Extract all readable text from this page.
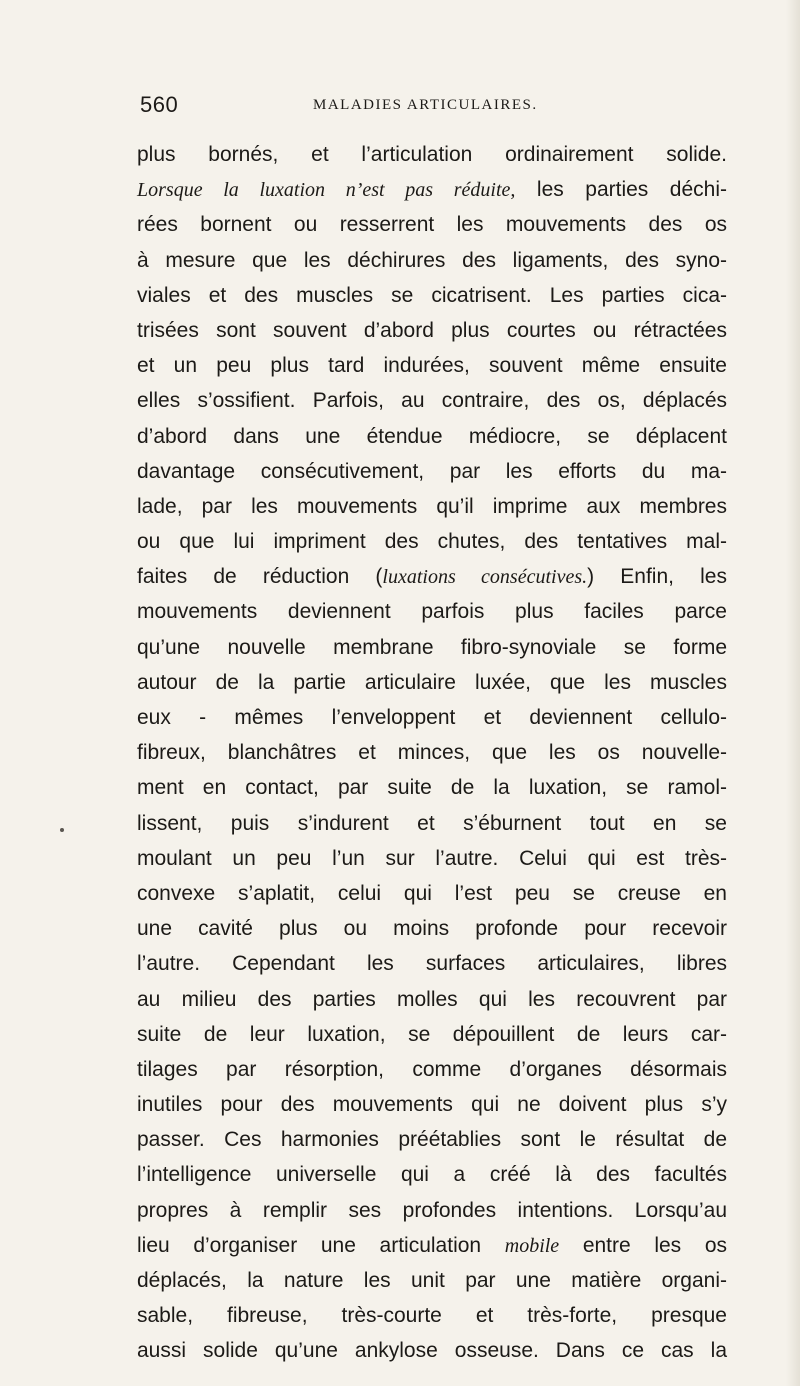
560	MALADIES ARTICULAIRES.
plus bornés, et l’articulation ordinairement solide.
Lorsque la luxation n’est pas réduite, les parties déchi-
rées bornent ou resserrent les mouvements des os
à mesure que les déchirures des ligaments, des syno-
viales et des muscles se cicatrisent. Les parties cica-
trisées sont souvent d’abord plus courtes ou rétractées
et un peu plus tard indurées, souvent même ensuite
elles s’ossifient. Parfois, au contraire, des os, déplacés
d’abord dans une étendue médiocre, se déplacent
davantage consécutivement, par les efforts du ma-
lade, par les mouvements qu’il imprime aux membres
ou que lui impriment des chutes, des tentatives mal-
faites de réduction (luxations consécutives.) Enfin, les
mouvements deviennent parfois plus faciles parce
qu’une nouvelle membrane fibro-synoviale se forme
autour de la partie articulaire luxée, que les muscles
eux - mêmes l’enveloppent et deviennent cellulo-
fibreux, blanchâtres et minces, que les os nouvelle-
ment en contact, par suite de la luxation, se ramol-
lissent, puis s’indurent et s’éburnent tout en se
moulant un peu l’un sur l’autre. Celui qui est très-
convexe s’aplatit, celui qui l’est peu se creuse en
une cavité plus ou moins profonde pour recevoir
l’autre. Cependant les surfaces articulaires, libres
au milieu des parties molles qui les recouvrent par
suite de leur luxation, se dépouillent de leurs car-
tilages par résorption, comme d’organes désormais
inutiles pour des mouvements qui ne doivent plus s’y
passer. Ces harmonies préétablies sont le résultat de
l’intelligence universelle qui a créé là des facultés
propres à remplir ses profondes intentions. Lorsqu’au
lieu d’organiser une articulation mobile entre les os
déplacés, la nature les unit par une matière organi-
sable, fibreuse, très-courte et très-forte, presque
aussi solide qu’une ankylose osseuse. Dans ce cas la
